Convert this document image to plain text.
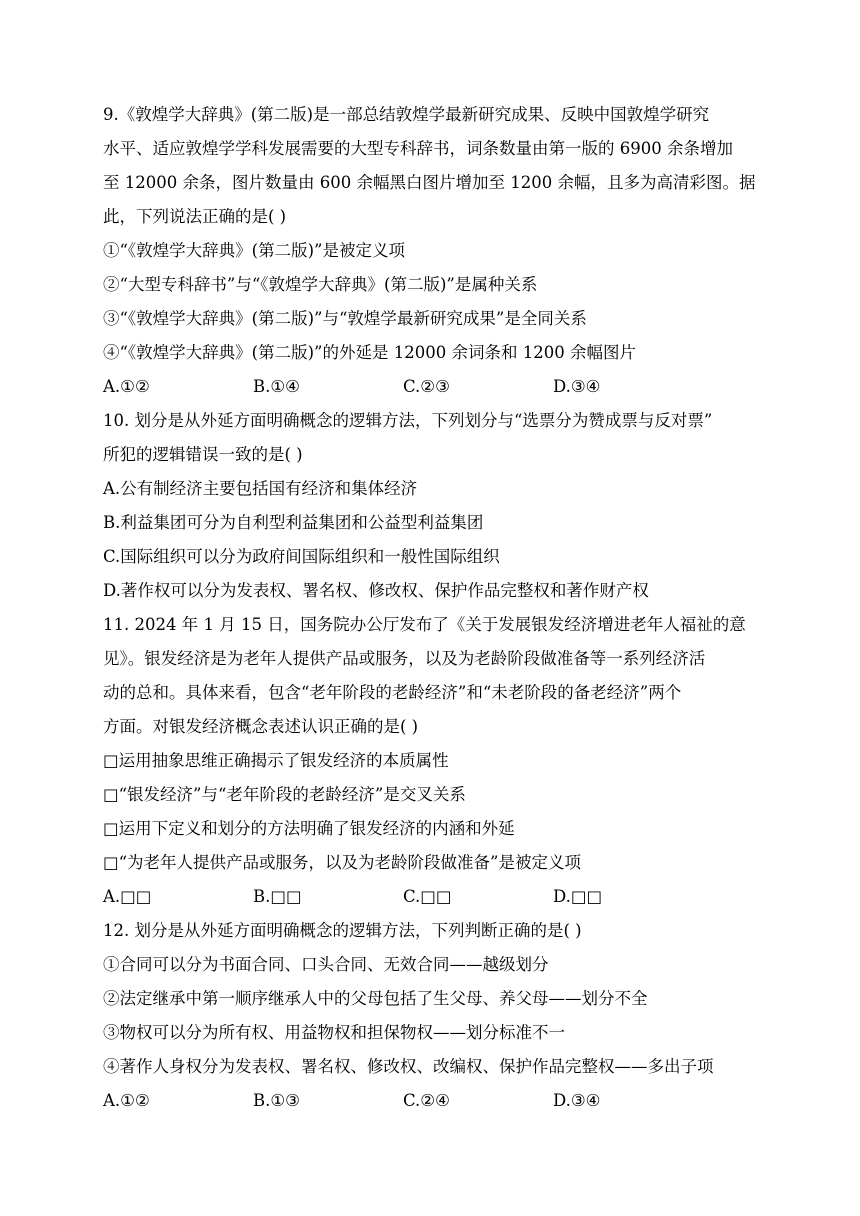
9.《敦煌学大辞典》(第二版)是一部总结敦煌学最新研究成果、反映中国敦煌学研究
水平、适应敦煌学学科发展需要的大型专科辞书，词条数量由第一版的 6900 余条增加
至 12000 余条，图片数量由 600 余幅黑白图片增加至 1200 余幅，且多为高清彩图。据
此，下列说法正确的是( )
①“《敦煌学大辞典》(第二版)”是被定义项
②“大型专科辞书”与“《敦煌学大辞典》(第二版)”是属种关系
③“《敦煌学大辞典》(第二版)”与“敦煌学最新研究成果”是全同关系
④“《敦煌学大辞典》(第二版)”的外延是 12000 余词条和 1200 余幅图片
A.①②	B.①④	C.②③	D.③④
10. 划分是从外延方面明确概念的逻辑方法，下列划分与“选票分为赞成票与反对票”
所犯的逻辑错误一致的是( )
A.公有制经济主要包括国有经济和集体经济
B.利益集团可分为自利型利益集团和公益型利益集团
C.国际组织可以分为政府间国际组织和一般性国际组织
D.著作权可以分为发表权、署名权、修改权、保护作品完整权和著作财产权
11. 2024 年 1 月 15 日，国务院办公厅发布了《关于发展银发经济增进老年人福祉的意
见》。银发经济是为老年人提供产品或服务，以及为老龄阶段做准备等一系列经济活
动的总和。具体来看，包含“老年阶段的老龄经济”和“未老阶段的备老经济”两个
方面。对银发经济概念表述认识正确的是( )
□运用抽象思维正确揭示了银发经济的本质属性
□“银发经济”与“老年阶段的老龄经济”是交叉关系
□运用下定义和划分的方法明确了银发经济的内涵和外延
□“为老年人提供产品或服务，以及为老龄阶段做准备”是被定义项
A.□□	B.□□	C.□□	D.□□
12. 划分是从外延方面明确概念的逻辑方法，下列判断正确的是( )
①合同可以分为书面合同、口头合同、无效合同——越级划分
②法定继承中第一顺序继承人中的父母包括了生父母、养父母——划分不全
③物权可以分为所有权、用益物权和担保物权——划分标准不一
④著作人身权分为发表权、署名权、修改权、改编权、保护作品完整权——多出子项
A.①②	B.①③	C.②④	D.③④
